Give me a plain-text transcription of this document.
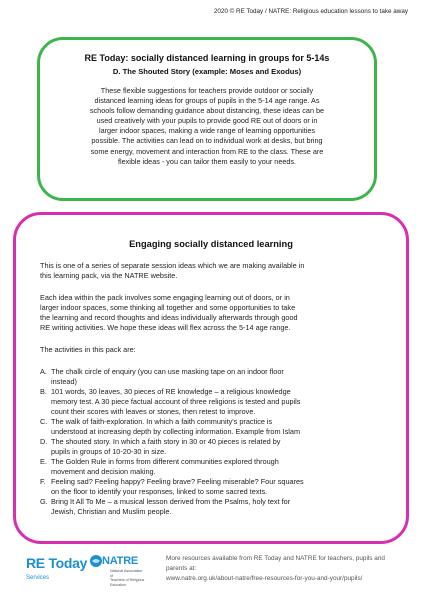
2020 © RE Today / NATRE: Religious education lessons to take away
RE Today: socially distanced learning in groups for 5-14s
D. The Shouted Story (example: Moses and Exodus)
These flexible suggestions for teachers provide outdoor or socially
distanced learning ideas for groups of pupils in the 5-14 age range. As
schools follow demanding guidance about distancing, these ideas can be
used creatively with your pupils to provide good RE out of doors or in
larger indoor spaces, making a wide range of learning opportunities
possible. The activities can lead on to individual work at desks, but bring
some energy, movement and interaction from RE to the class. These are
flexible ideas - you can tailor them easily to your needs.
Engaging socially distanced learning
This is one of a series of separate session ideas which we are making available in
this learning pack, via the NATRE website.
Each idea within the pack involves some engaging learning out of doors, or in
larger indoor spaces, some thinking all together and some opportunities to take
the learning and record thoughts and ideas individually afterwards through good
RE writing activities. We hope these ideas will flex across the 5-14 age range.
The activities in this pack are:
A. The chalk circle of enquiry (you can use masking tape on an indoor floor
instead)
B. 101 words, 30 leaves, 30 pieces of RE knowledge – a religious knowledge
memory test. A 30 piece factual account of three religions is tested and pupils
count their scores with leaves or stones, then retest to improve.
C. The walk of faith-exploration. In which a faith community's practice is
understood at increasing depth by collecting information. Example from Islam
D. The shouted story. In which a faith story in 30 or 40 pieces is related by
pupils in groups of 10-20-30 in size.
E. The Golden Rule in forms from different communities explored through
movement and decision making.
F. Feeling sad? Feeling happy? Feeling brave? Feeling miserable? Four squares
on the floor to identify your responses, linked to some sacred texts.
G. Bring It All To Me – a musical lesson derived from the Psalms, holy text for
Jewish, Christian and Muslim people.
RE Today
Services
NATRE
National Association of
Teachers of Religious Education
More resources available from RE Today and NATRE for teachers, pupils and
parents at:
www.natre.org.uk/about-natre/free-resources-for-you-and-your/pupils/
